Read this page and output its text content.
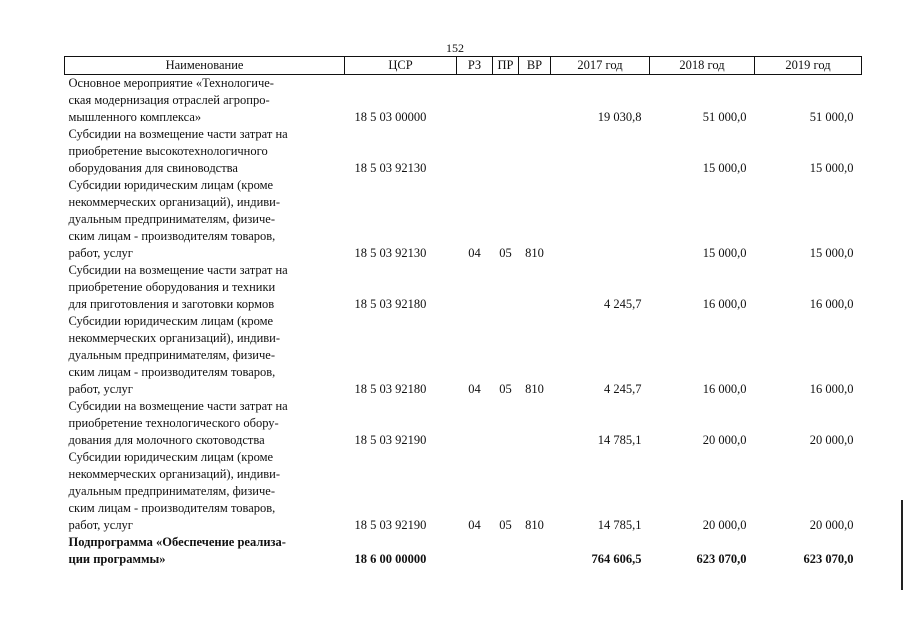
152
Наименование	ЦСР	РЗ	ПР	ВР	2017 год	2018 год	2019 год
Основное мероприятие «Технологиче-
ская модернизация отраслей агропро-
мышленного комплекса»	18 5 03 00000				19 030,8	51 000,0	51 000,0
Субсидии на возмещение части затрат на
приобретение высокотехнологичного
оборудования для свиноводства	18 5 03 92130					15 000,0	15 000,0
Субсидии юридическим лицам (кроме
некоммерческих организаций), индиви-
дуальным предпринимателям, физиче-
ским лицам - производителям товаров,
работ, услуг	18 5 03 92130	04	05	810		15 000,0	15 000,0
Субсидии на возмещение части затрат на
приобретение оборудования и техники
для приготовления и заготовки кормов	18 5 03 92180				4 245,7	16 000,0	16 000,0
Субсидии юридическим лицам (кроме
некоммерческих организаций), индиви-
дуальным предпринимателям, физиче-
ским лицам - производителям товаров,
работ, услуг	18 5 03 92180	04	05	810	4 245,7	16 000,0	16 000,0
Субсидии на возмещение части затрат на
приобретение технологического обору-
дования для молочного скотоводства	18 5 03 92190				14 785,1	20 000,0	20 000,0
Субсидии юридическим лицам (кроме
некоммерческих организаций), индиви-
дуальным предпринимателям, физиче-
ским лицам - производителям товаров,
работ, услуг	18 5 03 92190	04	05	810	14 785,1	20 000,0	20 000,0
Подпрограмма «Обеспечение реализа-
ции программы»	18 6 00 00000				764 606,5	623 070,0	623 070,0
